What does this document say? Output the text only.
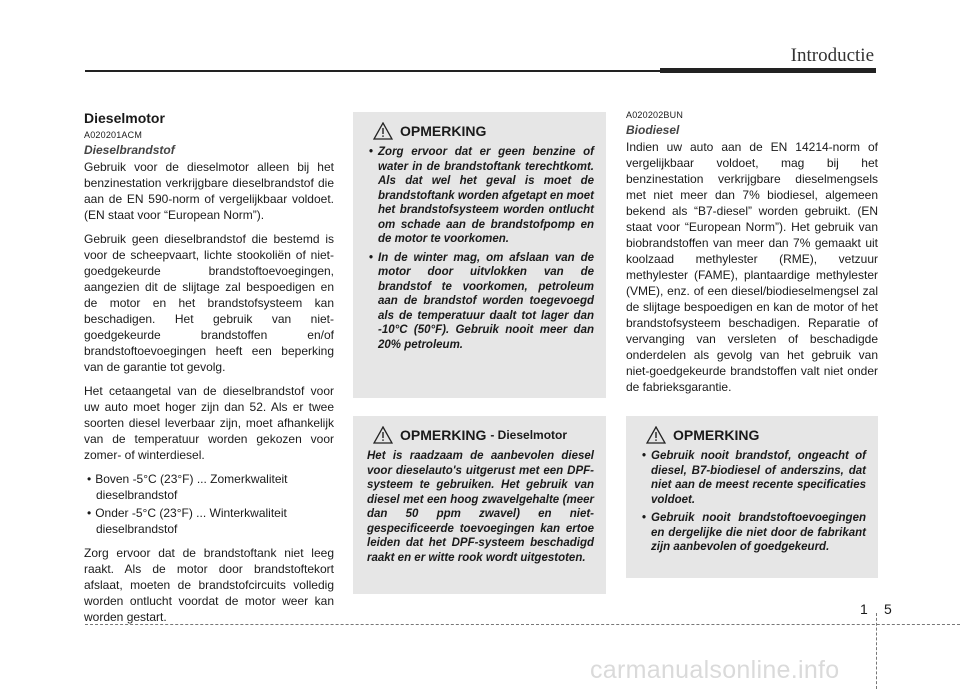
Introductie
Dieselmotor
A020201ACM
Dieselbrandstof

Gebruik voor de dieselmotor alleen bij het benzinestation verkrijgbare dieselbrandstof die aan de EN 590-norm of vergelijkbaar voldoet. (EN staat voor “European Norm”).

Gebruik geen dieselbrandstof die bestemd is voor de scheepvaart, lichte stookoliën of niet-goedgekeurde brandstoftoevoegingen, aangezien dit de slijtage zal bespoedigen en de motor en het brandstofsysteem kan beschadigen. Het gebruik van niet-goedgekeurde brandstoffen en/of brandstoftoevoegingen heeft een beperking van de garantie tot gevolg.

Het cetaangetal van de dieselbrandstof voor uw auto moet hoger zijn dan 52. Als er twee soorten diesel leverbaar zijn, moet afhankelijk van de temperatuur worden gekozen voor zomer- of winterdiesel.

• Boven -5°C (23°F) ... Zomerkwaliteit dieselbrandstof
• Onder -5°C (23°F) ... Winterkwaliteit dieselbrandstof

Zorg ervoor dat de brandstoftank niet leeg raakt. Als de motor door brandstoftekort afslaat, moeten de brandstofcircuits volledig worden ontlucht voordat de motor weer kan worden gestart.

OPMERKING
• Zorg ervoor dat er geen benzine of water in de brandstoftank terechtkomt. Als dat wel het geval is moet de brandstoftank worden afgetapt en moet het brandstofsysteem worden ontlucht om schade aan de brandstofpomp en de motor te voorkomen.
• In de winter mag, om afslaan van de motor door uitvlokken van de brandstof te voorkomen, petroleum aan de brandstof worden toegevoegd als de temperatuur daalt tot lager dan -10°C (50°F). Gebruik nooit meer dan 20% petroleum.
OPMERKING - Dieselmotor

Het is raadzaam de aanbevolen diesel voor dieselauto's uitgerust met een DPF-systeem te gebruiken. Het gebruik van diesel met een hoog zwavelgehalte (meer dan 50 ppm zwavel) en niet-gespecificeerde toevoegingen kan ertoe leiden dat het DPF-systeem beschadigd raakt en er witte rook wordt uitgestoten.

A020202BUN
Biodiesel

Indien uw auto aan de EN 14214-norm of vergelijkbaar voldoet, mag bij het benzinestation verkrijgbare dieselmengsels met niet meer dan 7% biodiesel, algemeen bekend als “B7-diesel” worden gebruikt. (EN staat voor “European Norm”). Het gebruik van biobrandstoffen van meer dan 7% gemaakt uit koolzaad methylester (RME), vetzuur methylester (FAME), plantaardige methylester (VME), enz. of een diesel/biodieselmengsel zal de slijtage bespoedigen en kan de motor of het brandstofsysteem beschadigen. Reparatie of vervanging van versleten of beschadigde onderdelen als gevolg van het gebruik van niet-goedgekeurde brandstoffen valt niet onder de fabrieksgarantie.

OPMERKING
• Gebruik nooit brandstof, ongeacht of diesel, B7-biodiesel of anderszins, dat niet aan de meest recente specificaties voldoet.
• Gebruik nooit brandstoftoevoegingen en dergelijke die niet door de fabrikant zijn aanbevolen of goedgekeurd.
1 5
carmanualsonline.info
